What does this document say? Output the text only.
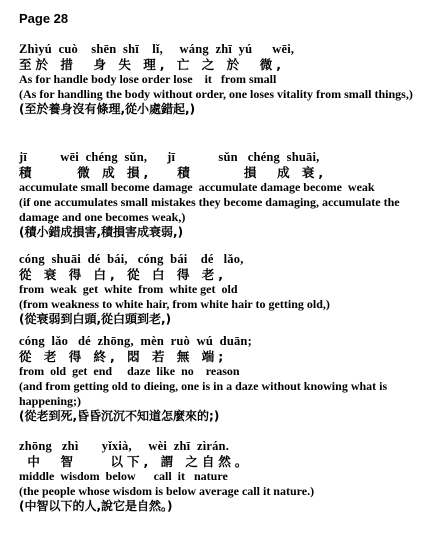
Page 28
Zhìyú  cuò    shēn  shī    lǐ,     wáng  zhī  yú      wēi,
至於 措  身 失 理, 亡 之 於  微,
As for handle body lose order lose    it   from small
(As for handling the body without order, one loses vitality from small things,)
(至於養身沒有條理,從小處錯起,)
jī          wēi  chéng  sǔn,      jī             sǔn   chéng  shuāi,
積     微 成 損,   積      損  成 衰,
accumulate small become damage  accumulate damage become  weak
(if one accumulates small mistakes they become damaging, accumulate the damage and one becomes weak,)
(積小錯成損害,積損害成衰弱,)
cóng  shuāi  dé  bái,   cóng  bái    dé   lǎo,
從 衰 得 白, 從 白 得 老,
from  weak  get  white  from  white get  old
(from weakness to white hair, from white hair to getting old,)
(從衰弱到白頭,從白頭到老,)
cóng  lǎo   dé  zhōng,  mèn  ruò  wú  duān;
從 老 得 終, 悶 若 無 端;
from  old  get  end     daze  like  no    reason
(and from getting old to dieing, one is in a daze without knowing what is happening;)
(從老到死,昏昏沉沉不知道怎麼來的;)
zhōng   zhì       yǐxià,     wèi  zhī  zìrán.
中  智    以下, 謂 之自然。
middle  wisdom  below      call  it   nature
(the people whose wisdom is below average call it nature.)
(中智以下的人,說它是自然。)
